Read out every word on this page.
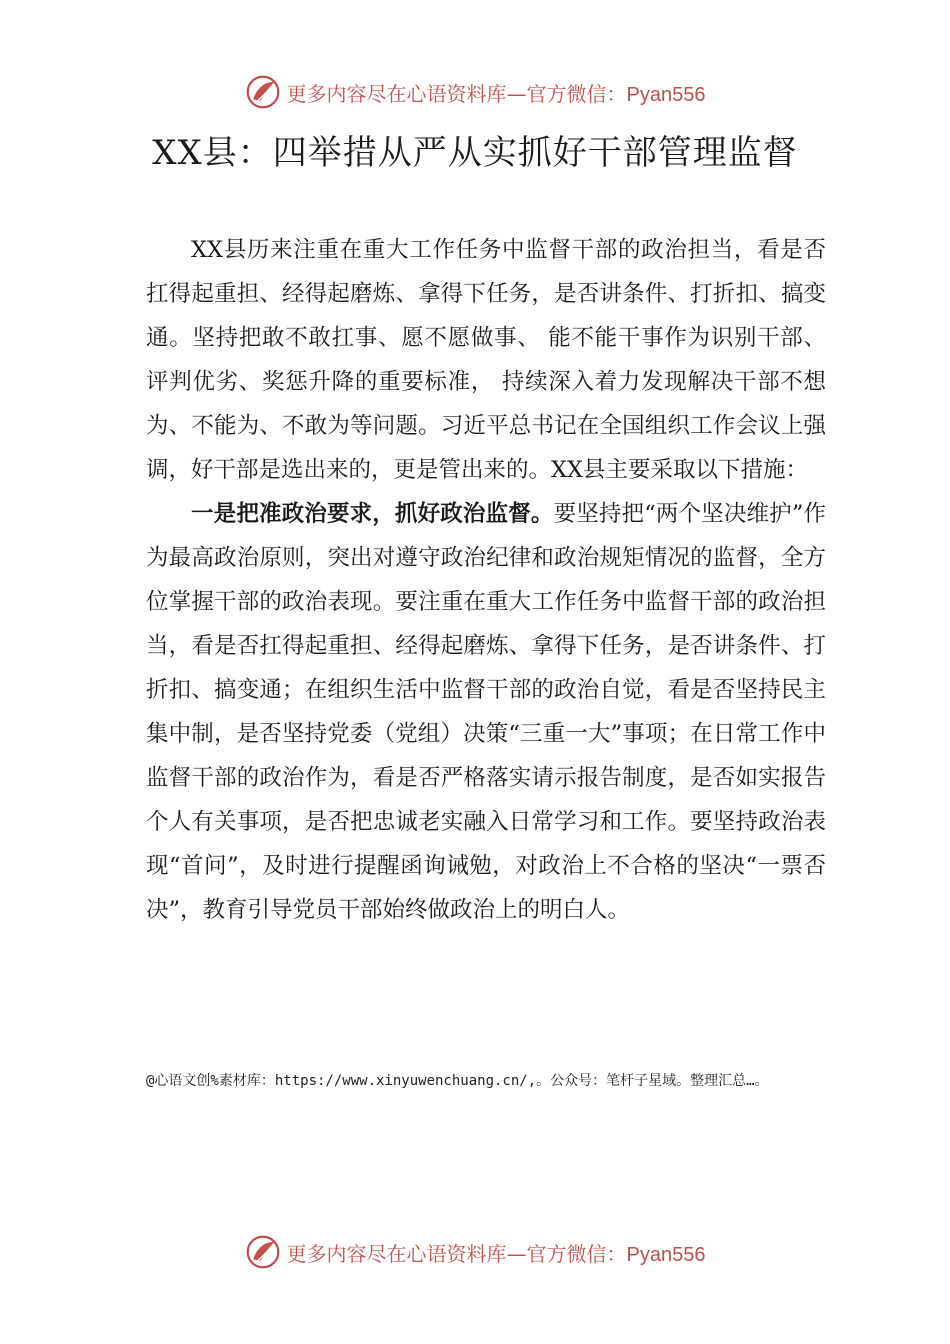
更多内容尽在心语资料库—官方微信：Pyan556
XX县：四举措从严从实抓好干部管理监督

XX县历来注重在重大工作任务中监督干部的政治担当，看是否扛得起重担、经得起磨炼、拿得下任务，是否讲条件、打折扣、搞变通。坚持把敢不敢扛事、愿不愿做事、 能不能干事作为识别干部、评判优劣、奖惩升降的重要标准， 持续深入着力发现解决干部不想为、不能为、不敢为等问题。习近平总书记在全国组织工作会议上强调，好干部是选出来的，更是管出来的。XX县主要采取以下措施：

一是把准政治要求，抓好政治监督。要坚持把“两个坚决维护”作为最高政治原则，突出对遵守政治纪律和政治规矩情况的监督，全方位掌握干部的政治表现。要注重在重大工作任务中监督干部的政治担当，看是否扛得起重担、经得起磨炼、拿得下任务，是否讲条件、打折扣、搞变通；在组织生活中监督干部的政治自觉，看是否坚持民主集中制，是否坚持党委（党组）决策“三重一大”事项；在日常工作中监督干部的政治作为，看是否严格落实请示报告制度，是否如实报告个人有关事项，是否把忠诚老实融入日常学习和工作。要坚持政治表现“首问”，及时进行提醒函询诫勉，对政治上不合格的坚决“一票否决”，教育引导党员干部始终做政治上的明白人。

@心语文创%素材库：https://www.xinyuwenchuang.cn/,。公众号：笔杆子星域。整理汇总…。
更多内容尽在心语资料库—官方微信：Pyan556
